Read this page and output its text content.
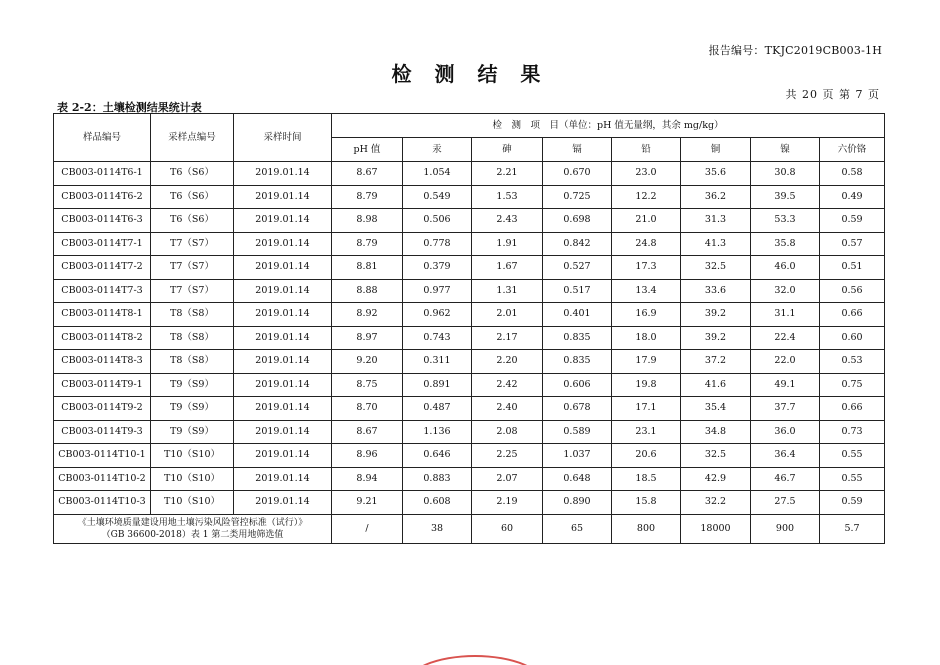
报告编号：TKJC2019CB003-1H
检 测 结 果
共 20 页 第 7 页
表 2-2：土壤检测结果统计表
样品编号	采样点编号	采样时间	检　测　项　目（单位：pH 值无量纲，其余 mg/kg）							
			pH 值	汞	砷	镉	铅	铜	镍	六价铬
CB003-0114T6-1	T6（S6）	2019.01.14	8.67	1.054	2.21	0.670	23.0	35.6	30.8	0.58
CB003-0114T6-2	T6（S6）	2019.01.14	8.79	0.549	1.53	0.725	12.2	36.2	39.5	0.49
CB003-0114T6-3	T6（S6）	2019.01.14	8.98	0.506	2.43	0.698	21.0	31.3	53.3	0.59
CB003-0114T7-1	T7（S7）	2019.01.14	8.79	0.778	1.91	0.842	24.8	41.3	35.8	0.57
CB003-0114T7-2	T7（S7）	2019.01.14	8.81	0.379	1.67	0.527	17.3	32.5	46.0	0.51
CB003-0114T7-3	T7（S7）	2019.01.14	8.88	0.977	1.31	0.517	13.4	33.6	32.0	0.56
CB003-0114T8-1	T8（S8）	2019.01.14	8.92	0.962	2.01	0.401	16.9	39.2	31.1	0.66
CB003-0114T8-2	T8（S8）	2019.01.14	8.97	0.743	2.17	0.835	18.0	39.2	22.4	0.60
CB003-0114T8-3	T8（S8）	2019.01.14	9.20	0.311	2.20	0.835	17.9	37.2	22.0	0.53
CB003-0114T9-1	T9（S9）	2019.01.14	8.75	0.891	2.42	0.606	19.8	41.6	49.1	0.75
CB003-0114T9-2	T9（S9）	2019.01.14	8.70	0.487	2.40	0.678	17.1	35.4	37.7	0.66
CB003-0114T9-3	T9（S9）	2019.01.14	8.67	1.136	2.08	0.589	23.1	34.8	36.0	0.73
CB003-0114T10-1	T10（S10）	2019.01.14	8.96	0.646	2.25	1.037	20.6	32.5	36.4	0.55
CB003-0114T10-2	T10（S10）	2019.01.14	8.94	0.883	2.07	0.648	18.5	42.9	46.7	0.55
CB003-0114T10-3	T10（S10）	2019.01.14	9.21	0.608	2.19	0.890	15.8	32.2	27.5	0.59

《土壤环境质量建设用地土壤污染风险管控标准（试行）》
（GB 36600-2018）表 1 第二类用地筛选值			/	38	60	65	800	18000	900	5.7
